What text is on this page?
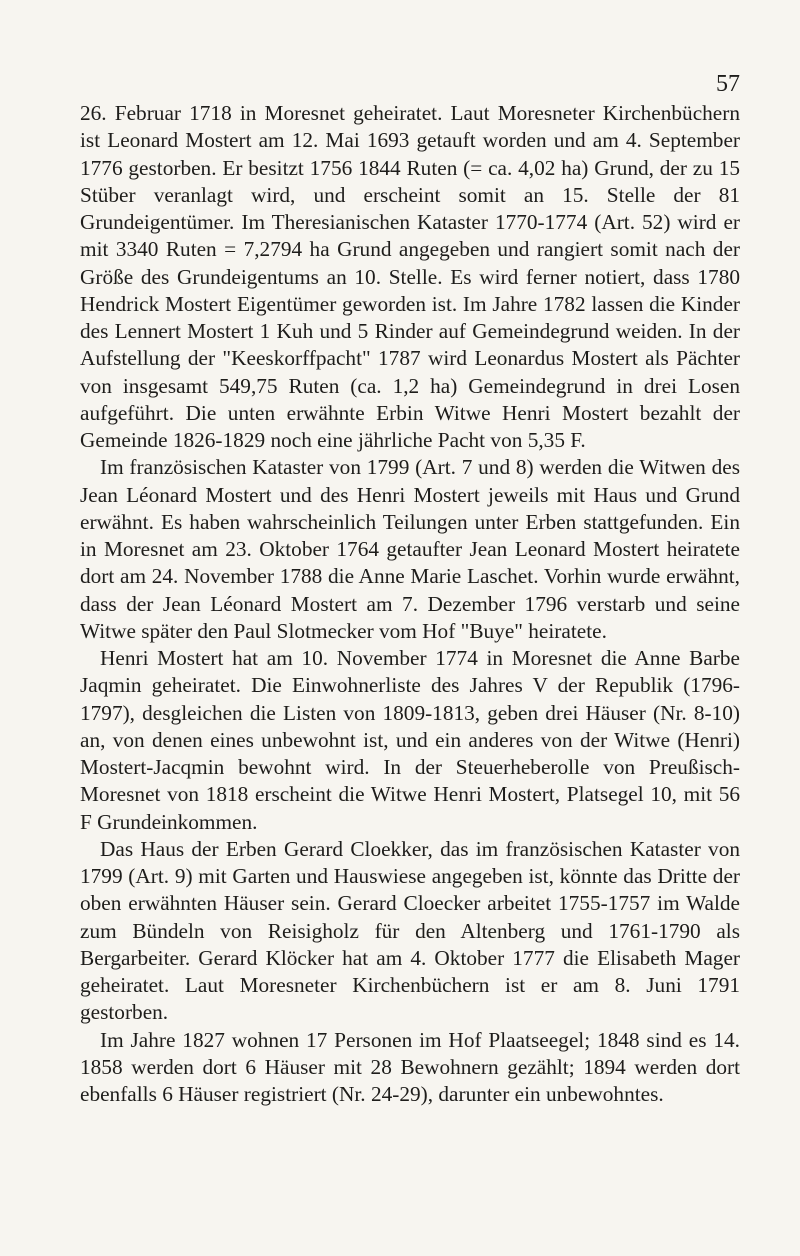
57

26. Februar 1718 in Moresnet geheiratet. Laut Moresneter Kirchenbüchern ist Leonard Mostert am 12. Mai 1693 getauft worden und am 4. September 1776 gestorben. Er besitzt 1756 1844 Ruten (= ca. 4,02 ha) Grund, der zu 15 Stüber veranlagt wird, und erscheint somit an 15. Stelle der 81 Grundeigentümer. Im Theresianischen Kataster 1770-1774 (Art. 52) wird er mit 3340 Ruten = 7,2794 ha Grund angegeben und rangiert somit nach der Größe des Grundeigentums an 10. Stelle. Es wird ferner notiert, dass 1780 Hendrick Mostert Eigentümer geworden ist. Im Jahre 1782 lassen die Kinder des Lennert Mostert 1 Kuh und 5 Rinder auf Gemeindegrund weiden. In der Aufstellung der "Keeskorffpacht" 1787 wird Leonardus Mostert als Pächter von insgesamt 549,75 Ruten (ca. 1,2 ha) Gemeindegrund in drei Losen aufgeführt. Die unten erwähnte Erbin Witwe Henri Mostert bezahlt der Gemeinde 1826-1829 noch eine jährliche Pacht von 5,35 F.

Im französischen Kataster von 1799 (Art. 7 und 8) werden die Witwen des Jean Léonard Mostert und des Henri Mostert jeweils mit Haus und Grund erwähnt. Es haben wahrscheinlich Teilungen unter Erben stattgefunden. Ein in Moresnet am 23. Oktober 1764 getaufter Jean Leonard Mostert heiratete dort am 24. November 1788 die Anne Marie Laschet. Vorhin wurde erwähnt, dass der Jean Léonard Mostert am 7. Dezember 1796 verstarb und seine Witwe später den Paul Slotmecker vom Hof "Buye" heiratete.

Henri Mostert hat am 10. November 1774 in Moresnet die Anne Barbe Jaqmin geheiratet. Die Einwohnerliste des Jahres V der Republik (1796-1797), desgleichen die Listen von 1809-1813, geben drei Häuser (Nr. 8-10) an, von denen eines unbewohnt ist, und ein anderes von der Witwe (Henri) Mostert-Jacqmin bewohnt wird. In der Steuerheberolle von Preußisch-Moresnet von 1818 erscheint die Witwe Henri Mostert, Platsegel 10, mit 56 F Grundeinkommen.

Das Haus der Erben Gerard Cloekker, das im französischen Kataster von 1799 (Art. 9) mit Garten und Hauswiese angegeben ist, könnte das Dritte der oben erwähnten Häuser sein. Gerard Cloecker arbeitet 1755-1757 im Walde zum Bündeln von Reisigholz für den Altenberg und 1761-1790 als Bergarbeiter. Gerard Klöcker hat am 4. Oktober 1777 die Elisabeth Mager geheiratet. Laut Moresneter Kirchenbüchern ist er am 8. Juni 1791 gestorben.

Im Jahre 1827 wohnen 17 Personen im Hof Plaatseegel; 1848 sind es 14. 1858 werden dort 6 Häuser mit 28 Bewohnern gezählt; 1894 werden dort ebenfalls 6 Häuser registriert (Nr. 24-29), darunter ein unbewohntes.
